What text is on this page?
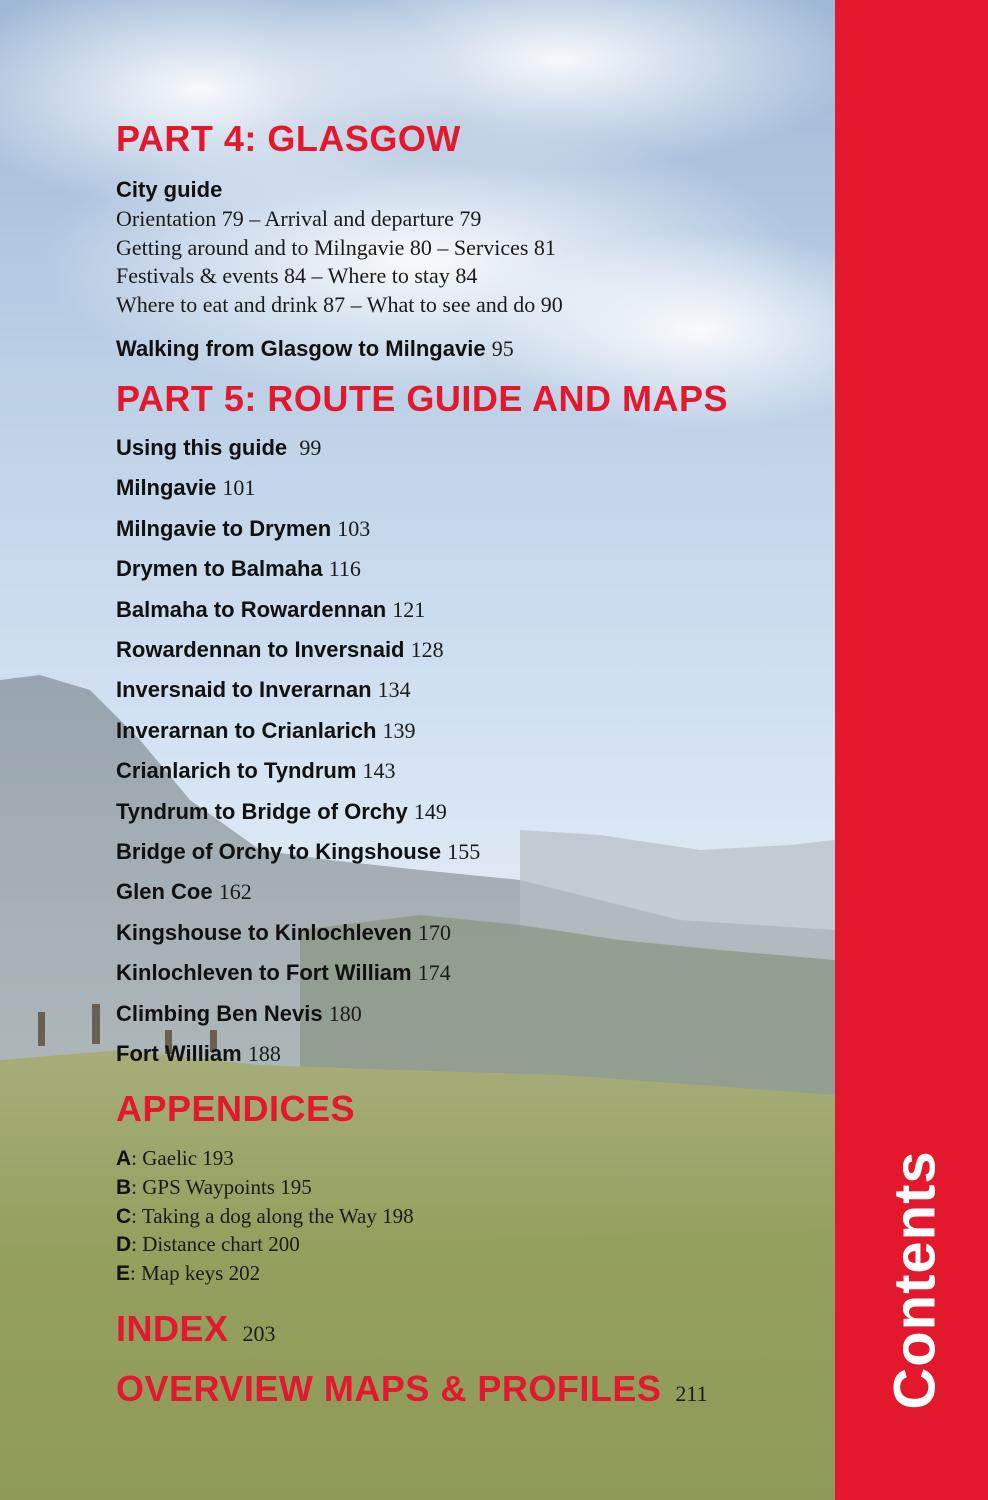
Contents
PART 4: GLASGOW
City guide
Orientation 79 – Arrival and departure 79
Getting around and to Milngavie 80 – Services 81
Festivals & events 84 – Where to stay 84
Where to eat and drink 87 – What to see and do 90
Walking from Glasgow to Milngavie 95
PART 5: ROUTE GUIDE AND MAPS
Using this guide 99
Milngavie 101
Milngavie to Drymen 103
Drymen to Balmaha 116
Balmaha to Rowardennan 121
Rowardennan to Inversnaid 128
Inversnaid to Inverarnan 134
Inverarnan to Crianlarich 139
Crianlarich to Tyndrum 143
Tyndrum to Bridge of Orchy 149
Bridge of Orchy to Kingshouse 155
Glen Coe 162
Kingshouse to Kinlochleven 170
Kinlochleven to Fort William 174
Climbing Ben Nevis 180
Fort William 188
APPENDICES
A: Gaelic 193
B: GPS Waypoints 195
C: Taking a dog along the Way 198
D: Distance chart 200
E: Map keys 202
INDEX 203
OVERVIEW MAPS & PROFILES 211
